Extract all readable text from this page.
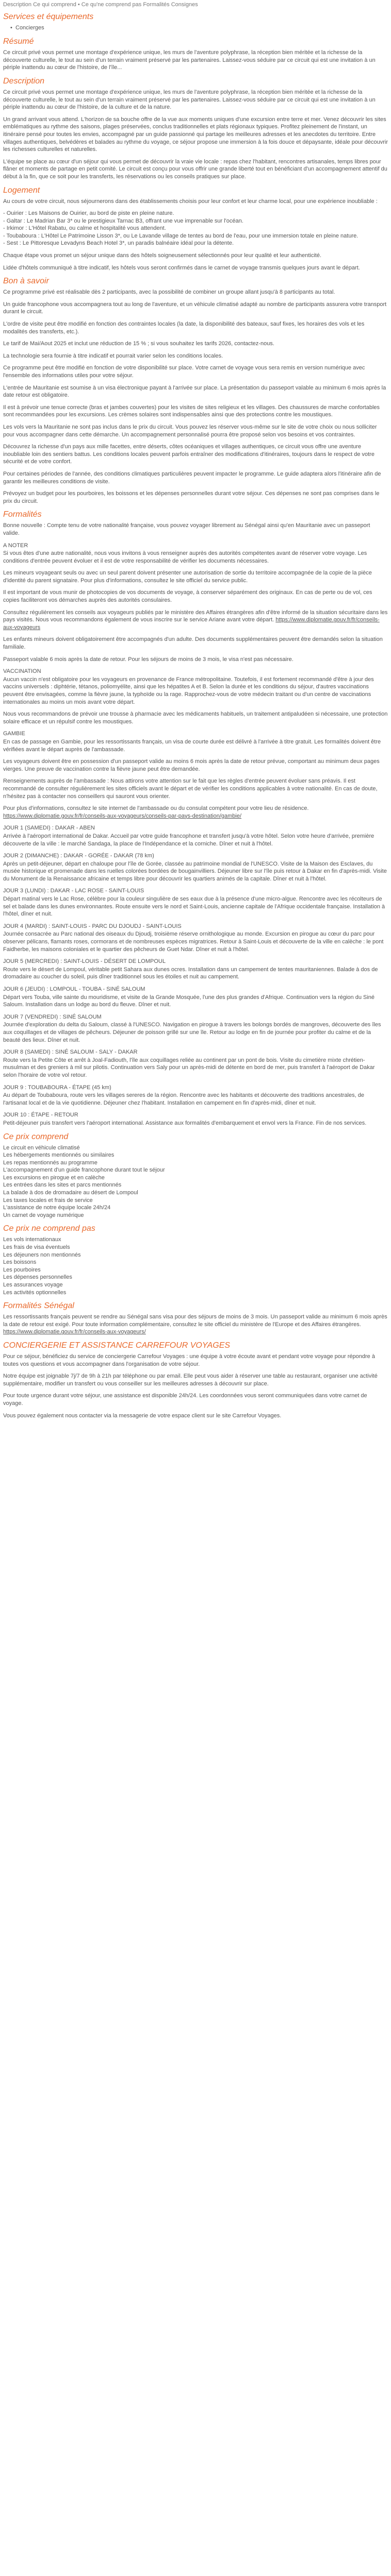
Description Ce qui comprend • Ce qu'ne comprend pas Formalités Consignes
Services et équipements
• Concierges
Résumé

Ce circuit privé vous permet une montage d'expérience unique, les murs de l'aventure polyphrase, la réception bien méritée et la richesse de la découverte culturelle, le tout au sein d'un terrain vraiment préservé par les partenaires. Laissez-vous séduire par ce circuit qui est une invitation à un périple inattendu au cœur de l'histoire, de l'île...

Description

Ce circuit privé vous permet une montage d'expérience unique, les murs de l'aventure polyphrase, la réception bien méritée et la richesse de la découverte culturelle, le tout au sein d'un terrain vraiment préservé par les partenaires. Laissez-vous séduire par ce circuit qui est une invitation à un périple inattendu au cœur de l'histoire, de la culture et de la nature.

Un grand arrivant vous attend. L'horizon de sa bouche offre de la vue aux moments uniques d'une excursion entre terre et mer. Venez découvrir les sites emblématiques au rythme des saisons, plages préservées, conclus traditionnelles et plats régionaux typiques. Profitez pleinement de l'instant, un itinéraire pensé pour toutes les envies, accompagné par un guide passionné qui partage les meilleures adresses et les anecdotes du territoire. Entre villages authentiques, belvédères et balades au rythme du voyage, ce séjour propose une immersion à la fois douce et dépaysante, idéale pour découvrir les richesses culturelles et naturelles.

L'équipe se place au cœur d'un séjour qui vous permet de découvrir la vraie vie locale : repas chez l'habitant, rencontres artisanales, temps libres pour flâner et moments de partage en petit comité. Le circuit est conçu pour vous offrir une grande liberté tout en bénéficiant d'un accompagnement attentif du début à la fin, que ce soit pour les transferts, les réservations ou les conseils pratiques sur place.

Logement

Au cours de votre circuit, nous séjournerons dans des établissements choisis pour leur confort et leur charme local, pour une expérience inoubliable :

- Ouirier : Les Maisons de Ouirier, au bord de piste en pleine nature.
- Galtar : Le Madrian Bar 3* ou le prestigieux Tarnac B3, offrant une vue imprenable sur l'océan.
- Irkimor : L'Hôtel Rabatu, ou calme et hospitalité vous attendent.
- Toubaboura : L'Hôtel Le Patrimoine Lisson 3*, ou Le Lavande village de tentes au bord de l'eau, pour une immersion totale en pleine nature.
- Sest : Le Pittoresque Levadyns Beach Hotel 3*, un paradis balnéaire idéal pour la détente.

Chaque étape vous promet un séjour unique dans des hôtels soigneusement sélectionnés pour leur qualité et leur authenticité.

Lidée d'hôtels communiqué à titre indicatif, les hôtels vous seront confirmés dans le carnet de voyage transmis quelques jours avant le départ.

Bon à savoir

Ce programme privé est réalisable dès 2 participants, avec la possibilité de combiner un groupe allant jusqu'à 8 participants au total.

Un guide francophone vous accompagnera tout au long de l'aventure, et un véhicule climatisé adapté au nombre de participants assurera votre transport durant le circuit.

L'ordre de visite peut être modifié en fonction des contraintes locales (la date, la disponibilité des bateaux, sauf fixes, les horaires des vols et les modalités des transferts, etc.).

Le tarif de Mai/Aout 2025 et inclut une réduction de 15 % ; si vous souhaitez les tarifs 2026, contactez-nous.

La technologie sera fournie à titre indicatif et pourrait varier selon les conditions locales.

Ce programme peut être modifié en fonction de votre disponibilité sur place. Votre carnet de voyage vous sera remis en version numérique avec l'ensemble des informations utiles pour votre séjour.

L'entrée de Mauritanie est soumise à un visa électronique payant à l'arrivée sur place. La présentation du passeport valable au minimum 6 mois après la date retour est obligatoire.

Il est à prévoir une tenue correcte (bras et jambes couvertes) pour les visites de sites religieux et les villages. Des chaussures de marche confortables sont recommandées pour les excursions. Les crèmes solaires sont indispensables ainsi que des protections contre les moustiques.

Les vols vers la Mauritanie ne sont pas inclus dans le prix du circuit. Vous pouvez les réserver vous-même sur le site de votre choix ou nous solliciter pour vous accompagner dans cette démarche. Un accompagnement personnalisé pourra être proposé selon vos besoins et vos contraintes.

Découvrez la richesse d'un pays aux mille facettes, entre déserts, côtes océaniques et villages authentiques, ce circuit vous offre une aventure inoubliable loin des sentiers battus. Les conditions locales peuvent parfois entraîner des modifications d'itinéraires, toujours dans le respect de votre sécurité et de votre confort.

Pour certaines périodes de l'année, des conditions climatiques particulières peuvent impacter le programme. Le guide adaptera alors l'itinéraire afin de garantir les meilleures conditions de visite.

Prévoyez un budget pour les pourboires, les boissons et les dépenses personnelles durant votre séjour. Ces dépenses ne sont pas comprises dans le prix du circuit.

Formalités

Bonne nouvelle : Compte tenu de votre nationalité française, vous pouvez voyager librement au Sénégal ainsi qu'en Mauritanie avec un passeport valide.

A NOTER

Si vous êtes d'une autre nationalité, nous vous invitons à vous renseigner auprès des autorités compétentes avant de réserver votre voyage. Les conditions d'entrée peuvent évoluer et il est de votre responsabilité de vérifier les documents nécessaires.

Les mineurs voyageant seuls ou avec un seul parent doivent présenter une autorisation de sortie du territoire accompagnée de la copie de la pièce d'identité du parent signataire. Pour plus d'informations, consultez le site officiel du service public.

Il est important de vous munir de photocopies de vos documents de voyage, à conserver séparément des originaux. En cas de perte ou de vol, ces copies faciliteront vos démarches auprès des autorités consulaires.

Consultez régulièrement les conseils aux voyageurs publiés par le ministère des Affaires étrangères afin d'être informé de la situation sécuritaire dans les pays visités. Nous vous recommandons également de vous inscrire sur le service Ariane avant votre départ. https://www.diplomatie.gouv.fr/fr/conseils-aux-voyageurs

Les enfants mineurs doivent obligatoirement être accompagnés d'un adulte. Des documents supplémentaires peuvent être demandés selon la situation familiale.

Passeport valable 6 mois après la date de retour. Pour les séjours de moins de 3 mois, le visa n'est pas nécessaire.

VACCINATION

Aucun vaccin n'est obligatoire pour les voyageurs en provenance de France métropolitaine. Toutefois, il est fortement recommandé d'être à jour des vaccins universels : diphtérie, tétanos, poliomyélite, ainsi que les hépatites A et B. Selon la durée et les conditions du séjour, d'autres vaccinations peuvent être envisagées, comme la fièvre jaune, la typhoïde ou la rage. Rapprochez-vous de votre médecin traitant ou d'un centre de vaccinations internationales au moins un mois avant votre départ.

Nous vous recommandons de prévoir une trousse à pharmacie avec les médicaments habituels, un traitement antipaludéen si nécessaire, une protection solaire efficace et un répulsif contre les moustiques.

GAMBIE

En cas de passage en Gambie, pour les ressortissants français, un visa de courte durée est délivré à l'arrivée à titre gratuit. Les formalités doivent être vérifiées avant le départ auprès de l'ambassade.

Les voyageurs doivent être en possession d'un passeport valide au moins 6 mois après la date de retour prévue, comportant au minimum deux pages vierges. Une preuve de vaccination contre la fièvre jaune peut être demandée.

Renseignements auprès de l'ambassade : Nous attirons votre attention sur le fait que les règles d'entrée peuvent évoluer sans préavis. Il est recommandé de consulter régulièrement les sites officiels avant le départ et de vérifier les conditions applicables à votre nationalité. En cas de doute, n'hésitez pas à contacter nos conseillers qui sauront vous orienter.

Pour plus d'informations, consultez le site internet de l'ambassade ou du consulat compétent pour votre lieu de résidence. https://www.diplomatie.gouv.fr/fr/conseils-aux-voyageurs/conseils-par-pays-destination/gambie/

JOUR 1 (SAMEDI) : DAKAR - ABEN

Arrivée à l'aéroport international de Dakar. Accueil par votre guide francophone et transfert jusqu'à votre hôtel. Selon votre heure d'arrivée, première découverte de la ville : le marché Sandaga, la place de l'Indépendance et la corniche. Dîner et nuit à l'hôtel.

JOUR 2 (DIMANCHE) : DAKAR - GORÉE - DAKAR (78 km)

Après un petit-déjeuner, départ en chaloupe pour l'île de Gorée, classée au patrimoine mondial de l'UNESCO. Visite de la Maison des Esclaves, du musée historique et promenade dans les ruelles colorées bordées de bougainvilliers. Déjeuner libre sur l'île puis retour à Dakar en fin d'après-midi. Visite du Monument de la Renaissance africaine et temps libre pour découvrir les quartiers animés de la capitale. Dîner et nuit à l'hôtel.

JOUR 3 (LUNDI) : DAKAR - LAC ROSE - SAINT-LOUIS

Départ matinal vers le Lac Rose, célèbre pour la couleur singulière de ses eaux due à la présence d'une micro-algue. Rencontre avec les récolteurs de sel et balade dans les dunes environnantes. Route ensuite vers le nord et Saint-Louis, ancienne capitale de l'Afrique occidentale française. Installation à l'hôtel, dîner et nuit.

JOUR 4 (MARDI) : SAINT-LOUIS - PARC DU DJOUDJ - SAINT-LOUIS

Journée consacrée au Parc national des oiseaux du Djoudj, troisième réserve ornithologique au monde. Excursion en pirogue au cœur du parc pour observer pélicans, flamants roses, cormorans et de nombreuses espèces migratrices. Retour à Saint-Louis et découverte de la ville en calèche : le pont Faidherbe, les maisons coloniales et le quartier des pêcheurs de Guet Ndar. Dîner et nuit à l'hôtel.

JOUR 5 (MERCREDI) : SAINT-LOUIS - DÉSERT DE LOMPOUL

Route vers le désert de Lompoul, véritable petit Sahara aux dunes ocres. Installation dans un campement de tentes mauritaniennes. Balade à dos de dromadaire au coucher du soleil, puis dîner traditionnel sous les étoiles et nuit au campement.

JOUR 6 (JEUDI) : LOMPOUL - TOUBA - SINÉ SALOUM

Départ vers Touba, ville sainte du mouridisme, et visite de la Grande Mosquée, l'une des plus grandes d'Afrique. Continuation vers la région du Siné Saloum. Installation dans un lodge au bord du fleuve. Dîner et nuit.

JOUR 7 (VENDREDI) : SINÉ SALOUM

Journée d'exploration du delta du Saloum, classé à l'UNESCO. Navigation en pirogue à travers les bolongs bordés de mangroves, découverte des îles aux coquillages et de villages de pêcheurs. Déjeuner de poisson grillé sur une île. Retour au lodge en fin de journée pour profiter du calme et de la beauté des lieux. Dîner et nuit.

JOUR 8 (SAMEDI) : SINÉ SALOUM - SALY - DAKAR

Route vers la Petite Côte et arrêt à Joal-Fadiouth, l'île aux coquillages reliée au continent par un pont de bois. Visite du cimetière mixte chrétien-musulman et des greniers à mil sur pilotis. Continuation vers Saly pour un après-midi de détente en bord de mer, puis transfert à l'aéroport de Dakar selon l'horaire de votre vol retour.

JOUR 9 : TOUBABOURA - ÉTAPE (45 km)

Au départ de Toubaboura, route vers les villages sereres de la région. Rencontre avec les habitants et découverte des traditions ancestrales, de l'artisanat local et de la vie quotidienne. Déjeuner chez l'habitant. Installation en campement en fin d'après-midi, dîner et nuit.

JOUR 10 : ÉTAPE - RETOUR

Petit-déjeuner puis transfert vers l'aéroport international. Assistance aux formalités d'embarquement et envol vers la France. Fin de nos services.

Ce prix comprend

Le circuit en véhicule climatisé
Les hébergements mentionnés ou similaires
Les repas mentionnés au programme
L'accompagnement d'un guide francophone durant tout le séjour
Les excursions en pirogue et en calèche
Les entrées dans les sites et parcs mentionnés
La balade à dos de dromadaire au désert de Lompoul
Les taxes locales et frais de service
L'assistance de notre équipe locale 24h/24
Un carnet de voyage numérique

Ce prix ne comprend pas

Les vols internationaux
Les frais de visa éventuels
Les déjeuners non mentionnés
Les boissons
Les pourboires
Les dépenses personnelles
Les assurances voyage
Les activités optionnelles

Formalités Sénégal

Les ressortissants français peuvent se rendre au Sénégal sans visa pour des séjours de moins de 3 mois. Un passeport valide au minimum 6 mois après la date de retour est exigé. Pour toute information complémentaire, consultez le site officiel du ministère de l'Europe et des Affaires étrangères. https://www.diplomatie.gouv.fr/fr/conseils-aux-voyageurs/

CONCIERGERIE ET ASSISTANCE CARREFOUR VOYAGES

Pour ce séjour, bénéficiez du service de conciergerie Carrefour Voyages : une équipe à votre écoute avant et pendant votre voyage pour répondre à toutes vos questions et vous accompagner dans l'organisation de votre séjour.

Notre équipe est joignable 7j/7 de 9h à 21h par téléphone ou par email. Elle peut vous aider à réserver une table au restaurant, organiser une activité supplémentaire, modifier un transfert ou vous conseiller sur les meilleures adresses à découvrir sur place.

Pour toute urgence durant votre séjour, une assistance est disponible 24h/24. Les coordonnées vous seront communiquées dans votre carnet de voyage.

Vous pouvez également nous contacter via la messagerie de votre espace client sur le site Carrefour Voyages.
